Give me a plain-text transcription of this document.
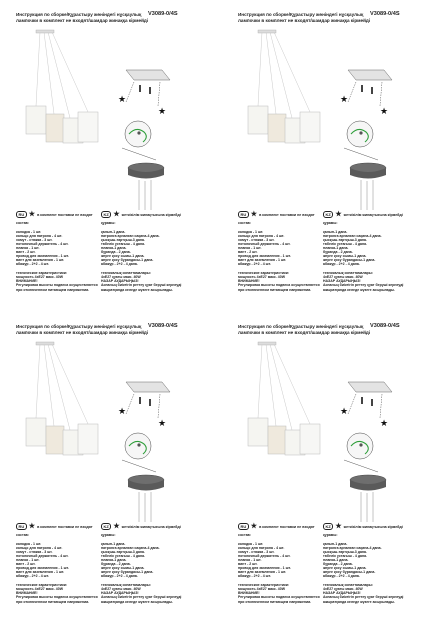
Инструкция по сборке/Құрастыру жөніндегі нұсқаулық V3089-0/4S
лампочки в комплект не входят/шамдар жинаққа кірмейді
★
★
RU ★ в комплект поставки не входят	KZ ★ жеткізілім жинақтығына кірмейді
состав:
колодка - 1 шт.
кольцо для патрона - 4 шт.
хомут - стяжка - 3 шт.
потолочный держатель - 4 шт.
планка - 1 шт.
винт - 2 шт.
провод для заземления - 1 шт.
винт для заземления - 1 шт.
абажур - 2+2 - 4 шт.
технические характеристики:
мощность 4хE27 макс. 40W
ВНИМАНИЕ!
Регулировка высоты подвеса осуществляется
при отключенном питающем напряжении.
құрамы:
қалып-1 дана.
патронға арналған сақина-4 дана.
қысқыш-тартқыш-3 дана.
төбелік ұстағыш - 4 дана.
планка-1 дана.
бұранда - 2 дана.
жерге қосу сымы-1 дана.
жерге қосу бұрандасы-1 дана.
абажур - 2+2 - 4 дана.
техникалық сипаттамалары:
4хЕ27 қуаты макс. 40W
НАЗАР АУДАРЫҢЫЗ!
Аспаның биіктігін реттеу қуат беруші кернеуді
ажыратқанда келеде жүзеге асырылады.
Инструкция по сборке/Құрастыру жөніндегі нұсқаулық V3089-0/4S
лампочки в комплект не входят/шамдар жинаққа кірмейді
★
★
RU ★ в комплект поставки не входят	KZ ★ жеткізілім жинақтығына кірмейді
состав:
колодка - 1 шт.
кольцо для патрона - 4 шт.
хомут - стяжка - 3 шт.
потолочный держатель - 4 шт.
планка - 1 шт.
винт - 2 шт.
провод для заземления - 1 шт.
винт для заземления - 1 шт.
абажур - 2+2 - 4 шт.
технические характеристики:
мощность 4хE27 макс. 40W
ВНИМАНИЕ!
Регулировка высоты подвеса осуществляется
при отключенном питающем напряжении.
құрамы:
қалып-1 дана.
патронға арналған сақина-4 дана.
қысқыш-тартқыш-3 дана.
төбелік ұстағыш - 4 дана.
планка-1 дана.
бұранда - 2 дана.
жерге қосу сымы-1 дана.
жерге қосу бұрандасы-1 дана.
абажур - 2+2 - 4 дана.
техникалық сипаттамалары:
4хЕ27 қуаты макс. 40W
НАЗАР АУДАРЫҢЫЗ!
Аспаның биіктігін реттеу қуат беруші кернеуді
ажыратқанда келеде жүзеге асырылады.
Инструкция по сборке/Құрастыру жөніндегі нұсқаулық V3089-0/4S
лампочки в комплект не входят/шамдар жинаққа кірмейді
★
★
RU ★ в комплект поставки не входят	KZ ★ жеткізілім жинақтығына кірмейді
состав:
колодка - 1 шт.
кольцо для патрона - 4 шт.
хомут - стяжка - 3 шт.
потолочный держатель - 4 шт.
планка - 1 шт.
винт - 2 шт.
провод для заземления - 1 шт.
винт для заземления - 1 шт.
абажур - 2+2 - 4 шт.
технические характеристики:
мощность 4хE27 макс. 40W
ВНИМАНИЕ!
Регулировка высоты подвеса осуществляется
при отключенном питающем напряжении.
құрамы:
қалып-1 дана.
патронға арналған сақина-4 дана.
қысқыш-тартқыш-3 дана.
төбелік ұстағыш - 4 дана.
планка-1 дана.
бұранда - 2 дана.
жерге қосу сымы-1 дана.
жерге қосу бұрандасы-1 дана.
абажур - 2+2 - 4 дана.
техникалық сипаттамалары:
4хЕ27 қуаты макс. 40W
НАЗАР АУДАРЫҢЫЗ!
Аспаның биіктігін реттеу қуат беруші кернеуді
ажыратқанда келеде жүзеге асырылады.
Инструкция по сборке/Құрастыру жөніндегі нұсқаулық V3089-0/4S
лампочки в комплект не входят/шамдар жинаққа кірмейді
★
★
RU ★ в комплект поставки не входят	KZ ★ жеткізілім жинақтығына кірмейді
состав:
колодка - 1 шт.
кольцо для патрона - 4 шт.
хомут - стяжка - 3 шт.
потолочный держатель - 4 шт.
планка - 1 шт.
винт - 2 шт.
провод для заземления - 1 шт.
винт для заземления - 1 шт.
абажур - 2+2 - 4 шт.
технические характеристики:
мощность 4хE27 макс. 40W
ВНИМАНИЕ!
Регулировка высоты подвеса осуществляется
при отключенном питающем напряжении.
құрамы:
қалып-1 дана.
патронға арналған сақина-4 дана.
қысқыш-тартқыш-3 дана.
төбелік ұстағыш - 4 дана.
планка-1 дана.
бұранда - 2 дана.
жерге қосу сымы-1 дана.
жерге қосу бұрандасы-1 дана.
абажур - 2+2 - 4 дана.
техникалық сипаттамалары:
4хЕ27 қуаты макс. 40W
НАЗАР АУДАРЫҢЫЗ!
Аспаның биіктігін реттеу қуат беруші кернеуді
ажыратқанда келеде жүзеге асырылады.
